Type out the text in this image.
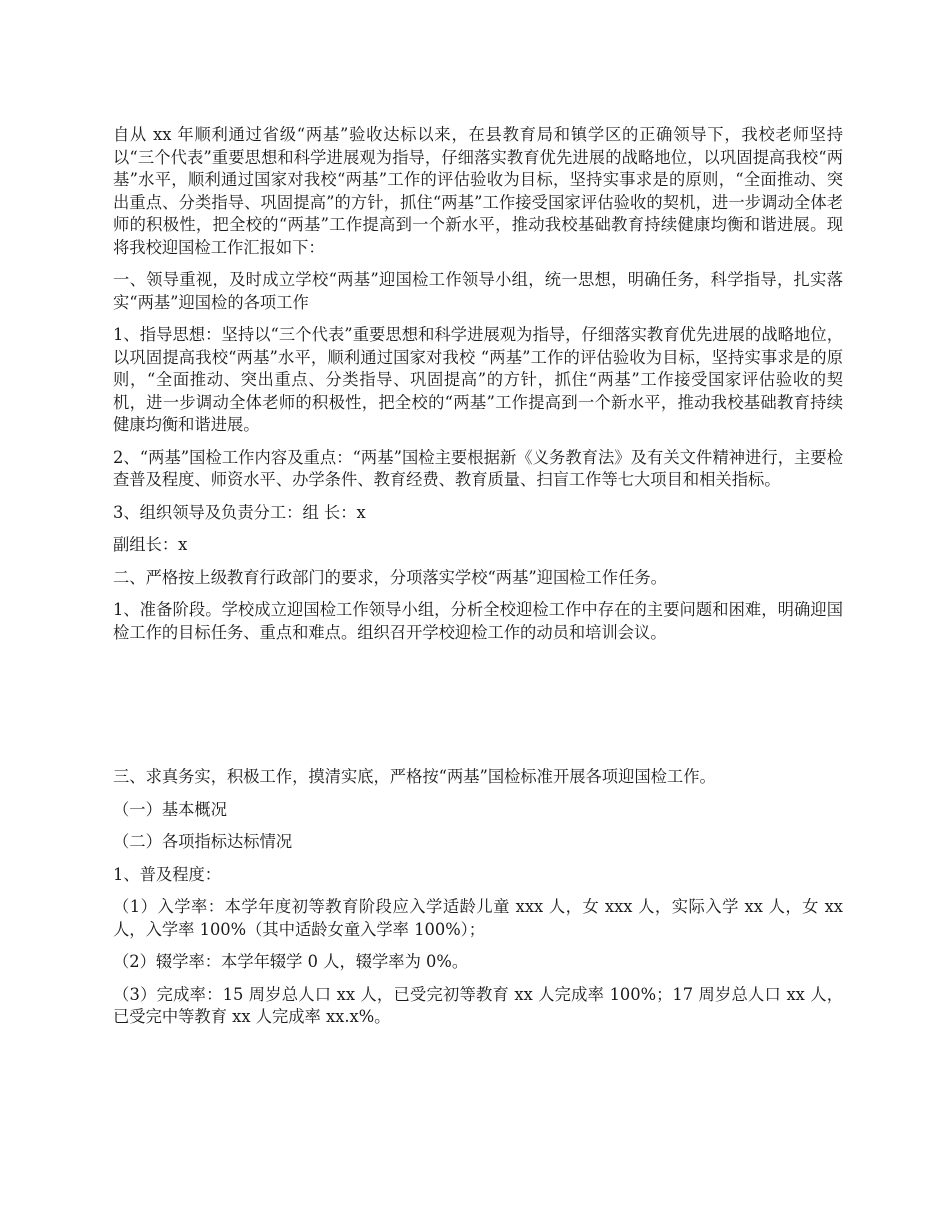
自从 xx 年顺利通过省级“两基”验收达标以来，在县教育局和镇学区的正确领导下，我校老师坚持以“三个代表”重要思想和科学进展观为指导，仔细落实教育优先进展的战略地位，以巩固提高我校“两基”水平，顺利通过国家对我校“两基”工作的评估验收为目标，坚持实事求是的原则，“全面推动、突出重点、分类指导、巩固提高”的方针，抓住“两基”工作接受国家评估验收的契机，进一步调动全体老师的积极性，把全校的“两基”工作提高到一个新水平，推动我校基础教育持续健康均衡和谐进展。现将我校迎国检工作汇报如下：

一、领导重视，及时成立学校“两基”迎国检工作领导小组，统一思想，明确任务，科学指导，扎实落实“两基”迎国检的各项工作

1、指导思想：坚持以“三个代表”重要思想和科学进展观为指导，仔细落实教育优先进展的战略地位，以巩固提高我校“两基”水平，顺利通过国家对我校 “两基”工作的评估验收为目标，坚持实事求是的原则，“全面推动、突出重点、分类指导、巩固提高”的方针，抓住“两基”工作接受国家评估验收的契机，进一步调动全体老师的积极性，把全校的“两基”工作提高到一个新水平，推动我校基础教育持续健康均衡和谐进展。

2、“两基”国检工作内容及重点：“两基”国检主要根据新《义务教育法》及有关文件精神进行，主要检查普及程度、师资水平、办学条件、教育经费、教育质量、扫盲工作等七大项目和相关指标。

3、组织领导及负责分工：组 长：x

副组长：x

二、严格按上级教育行政部门的要求，分项落实学校“两基”迎国检工作任务。

1、准备阶段。学校成立迎国检工作领导小组，分析全校迎检工作中存在的主要问题和困难，明确迎国检工作的目标任务、重点和难点。组织召开学校迎检工作的动员和培训会议。

三、求真务实，积极工作，摸清实底，严格按“两基”国检标准开展各项迎国检工作。

（一）基本概况

（二）各项指标达标情况

1、普及程度：

（1）入学率：本学年度初等教育阶段应入学适龄儿童 xxx 人，女 xxx 人，实际入学 xx 人，女 xx 人，入学率 100%（其中适龄女童入学率 100%）；

（2）辍学率：本学年辍学 0 人，辍学率为 0%。

（3）完成率：15 周岁总人口 xx 人，已受完初等教育 xx 人完成率 100%；17 周岁总人口 xx 人，已受完中等教育 xx 人完成率 xx.x%。
